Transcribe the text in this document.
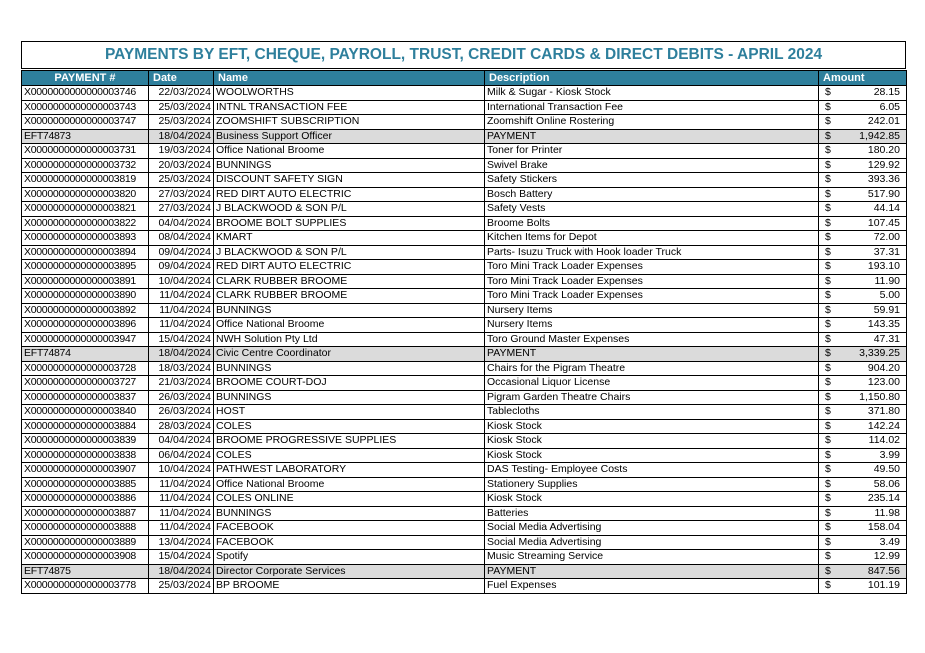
PAYMENTS BY EFT, CHEQUE, PAYROLL, TRUST, CREDIT CARDS & DIRECT DEBITS - APRIL 2024
PAYMENT #	Date	Name	Description	Amount
X0000000000000003746	22/03/2024	WOOLWORTHS	Milk & Sugar - Kiosk Stock	$ 28.15

X0000000000000003743	25/03/2024	INTNL TRANSACTION FEE	International Transaction Fee	$ 6.05

X0000000000000003747	25/03/2024	ZOOMSHIFT SUBSCRIPTION	Zoomshift Online Rostering	$ 242.01

EFT74873	18/04/2024	Business Support Officer	PAYMENT	$ 1,942.85

X0000000000000003731	19/03/2024	Office National Broome	Toner for Printer	$ 180.20

X0000000000000003732	20/03/2024	BUNNINGS	Swivel Brake	$ 129.92

X0000000000000003819	25/03/2024	DISCOUNT SAFETY SIGN	Safety Stickers	$ 393.36

X0000000000000003820	27/03/2024	RED DIRT AUTO ELECTRIC	Bosch Battery	$ 517.90

X0000000000000003821	27/03/2024	J BLACKWOOD & SON P/L	Safety Vests	$ 44.14

X0000000000000003822	04/04/2024	BROOME BOLT SUPPLIES	Broome Bolts	$ 107.45

X0000000000000003893	08/04/2024	KMART	Kitchen Items for Depot	$ 72.00

X0000000000000003894	09/04/2024	J BLACKWOOD & SON P/L	Parts- Isuzu Truck with Hook loader Truck	$ 37.31

X0000000000000003895	09/04/2024	RED DIRT AUTO ELECTRIC	Toro Mini Track Loader Expenses	$ 193.10

X0000000000000003891	10/04/2024	CLARK RUBBER BROOME	Toro Mini Track Loader Expenses	$ 11.90

X0000000000000003890	11/04/2024	CLARK RUBBER BROOME	Toro Mini Track Loader Expenses	$ 5.00

X0000000000000003892	11/04/2024	BUNNINGS	Nursery Items	$ 59.91

X0000000000000003896	11/04/2024	Office National Broome	Nursery Items	$ 143.35

X0000000000000003947	15/04/2024	NWH Solution Pty Ltd	Toro Ground Master Expenses	$ 47.31

EFT74874	18/04/2024	Civic Centre Coordinator	PAYMENT	$ 3,339.25

X0000000000000003728	18/03/2024	BUNNINGS	Chairs for the Pigram Theatre	$ 904.20

X0000000000000003727	21/03/2024	BROOME COURT-DOJ	Occasional Liquor License	$ 123.00

X0000000000000003837	26/03/2024	BUNNINGS	Pigram Garden Theatre Chairs	$ 1,150.80

X0000000000000003840	26/03/2024	HOST	Tablecloths	$ 371.80

X0000000000000003884	28/03/2024	COLES	Kiosk Stock	$ 142.24

X0000000000000003839	04/04/2024	BROOME PROGRESSIVE SUPPLIES	Kiosk Stock	$ 114.02

X0000000000000003838	06/04/2024	COLES	Kiosk Stock	$ 3.99

X0000000000000003907	10/04/2024	PATHWEST LABORATORY	DAS Testing- Employee Costs	$ 49.50

X0000000000000003885	11/04/2024	Office National Broome	Stationery Supplies	$ 58.06

X0000000000000003886	11/04/2024	COLES ONLINE	Kiosk Stock	$ 235.14

X0000000000000003887	11/04/2024	BUNNINGS	Batteries	$ 11.98

X0000000000000003888	11/04/2024	FACEBOOK	Social Media Advertising	$ 158.04

X0000000000000003889	13/04/2024	FACEBOOK	Social Media Advertising	$ 3.49

X0000000000000003908	15/04/2024	Spotify	Music Streaming Service	$ 12.99

EFT74875	18/04/2024	Director Corporate Services	PAYMENT	$ 847.56

X0000000000000003778	25/03/2024	BP BROOME	Fuel Expenses	$ 101.19
